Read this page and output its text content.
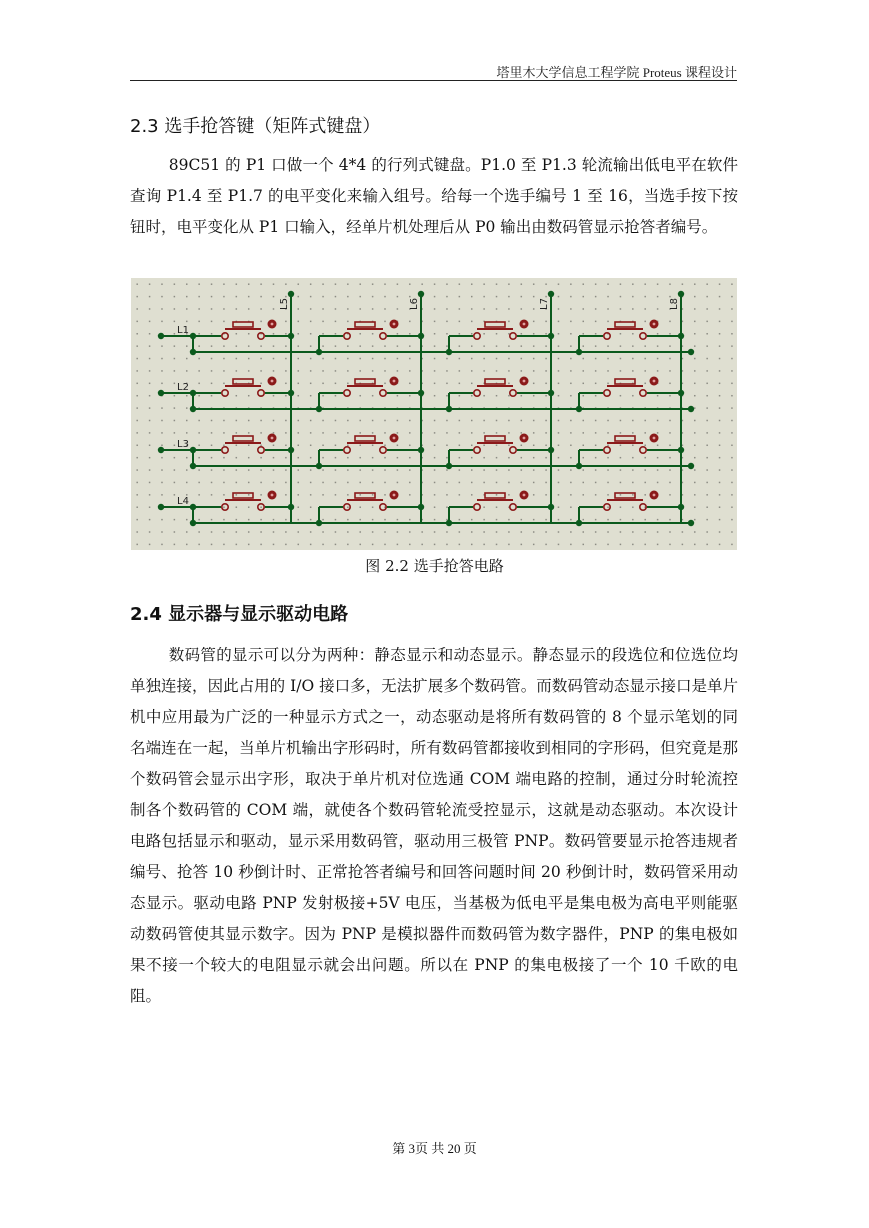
塔里木大学信息工程学院 Proteus 课程设计
2.3 选手抢答键（矩阵式键盘）

89C51 的 P1 口做一个 4*4 的行列式键盘。P1.0 至 P1.3 轮流输出低电平在软件查询 P1.4 至 P1.7 的电平变化来输入组号。给每一个选手编号 1 至 16，当选手按下按钮时，电平变化从 P1 口输入，经单片机处理后从 P0 输出由数码管显示抢答者编号。

L5	L6	L7	L8
L1
L2
L3
L4
图 2.2 选手抢答电路
2.4 显示器与显示驱动电路

数码管的显示可以分为两种：静态显示和动态显示。静态显示的段选位和位选位均单独连接，因此占用的 I/O 接口多，无法扩展多个数码管。而数码管动态显示接口是单片机中应用最为广泛的一种显示方式之一，动态驱动是将所有数码管的 8 个显示笔划的同名端连在一起，当单片机输出字形码时，所有数码管都接收到相同的字形码，但究竟是那个数码管会显示出字形，取决于单片机对位选通 COM 端电路的控制，通过分时轮流控制各个数码管的 COM 端，就使各个数码管轮流受控显示，这就是动态驱动。本次设计电路包括显示和驱动，显示采用数码管，驱动用三极管 PNP。数码管要显示抢答违规者编号、抢答 10 秒倒计时、正常抢答者编号和回答问题时间 20 秒倒计时，数码管采用动态显示。驱动电路 PNP 发射极接+5V 电压，当基极为低电平是集电极为高电平则能驱动数码管使其显示数字。因为 PNP 是模拟器件而数码管为数字器件，PNP 的集电极如果不接一个较大的电阻显示就会出问题。所以在 PNP 的集电极接了一个 10 千欧的电阻。

第 3页 共 20 页
